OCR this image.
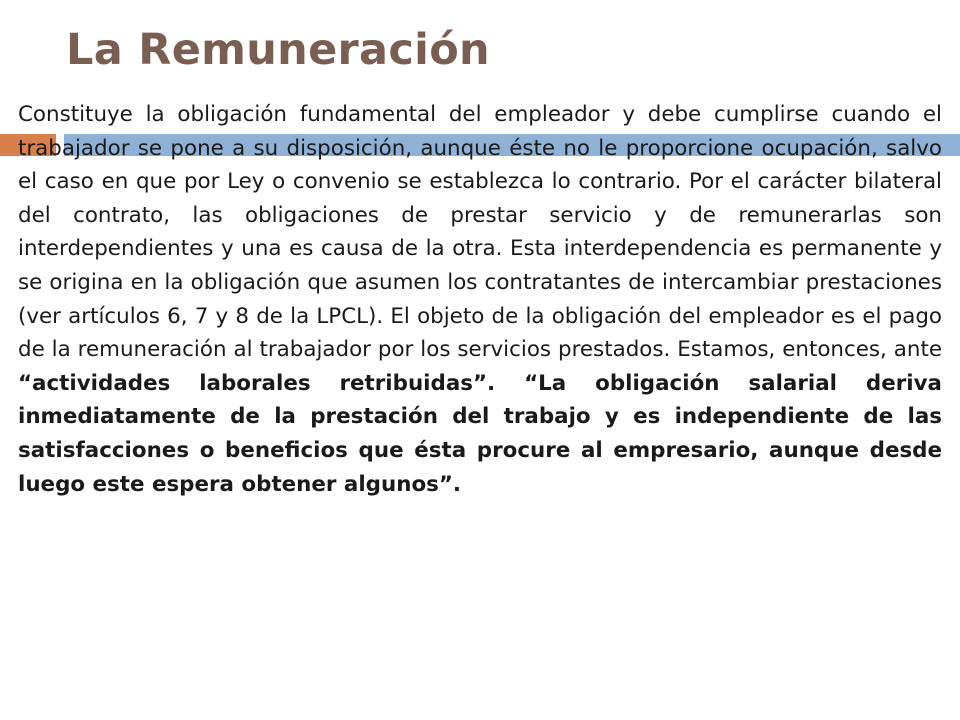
La Remuneración

Constituye la obligación fundamental del empleador y debe cumplirse cuando el trabajador se pone a su disposición, aunque éste no le proporcione ocupación, salvo el caso en que por Ley o convenio se establezca lo contrario. Por el carácter bilateral del contrato, las obligaciones de prestar servicio y de remunerarlas son interdependientes y una es causa de la otra. Esta interdependencia es permanente y se origina en la obligación que asumen los contratantes de intercambiar prestaciones (ver artículos 6, 7 y 8 de la LPCL). El objeto de la obligación del empleador es el pago de la remuneración al trabajador por los servicios prestados. Estamos, entonces, ante “actividades laborales retribuidas”. “La obligación salarial deriva inmediatamente de la prestación del trabajo y es independiente de las satisfacciones o beneficios que ésta procure al empresario, aunque desde luego este espera obtener algunos”.
